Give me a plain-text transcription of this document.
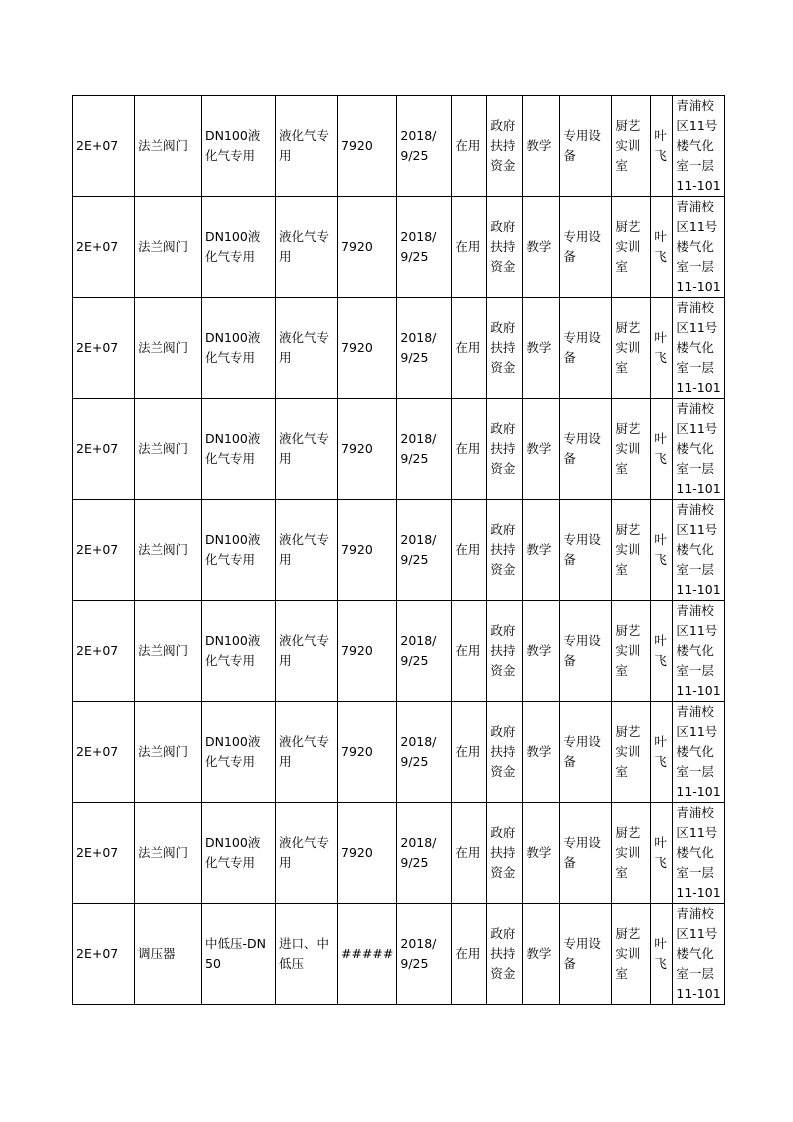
2E+07	法兰阀门	DN100液化气专用	液化气专用	7920	2018/9/25	在用	政府扶持资金	教学	专用设备	厨艺实训室	叶飞	青浦校区11号楼气化室一层11-101
2E+07	法兰阀门	DN100液化气专用	液化气专用	7920	2018/9/25	在用	政府扶持资金	教学	专用设备	厨艺实训室	叶飞	青浦校区11号楼气化室一层11-101
2E+07	法兰阀门	DN100液化气专用	液化气专用	7920	2018/9/25	在用	政府扶持资金	教学	专用设备	厨艺实训室	叶飞	青浦校区11号楼气化室一层11-101
2E+07	法兰阀门	DN100液化气专用	液化气专用	7920	2018/9/25	在用	政府扶持资金	教学	专用设备	厨艺实训室	叶飞	青浦校区11号楼气化室一层11-101
2E+07	法兰阀门	DN100液化气专用	液化气专用	7920	2018/9/25	在用	政府扶持资金	教学	专用设备	厨艺实训室	叶飞	青浦校区11号楼气化室一层11-101
2E+07	法兰阀门	DN100液化气专用	液化气专用	7920	2018/9/25	在用	政府扶持资金	教学	专用设备	厨艺实训室	叶飞	青浦校区11号楼气化室一层11-101
2E+07	法兰阀门	DN100液化气专用	液化气专用	7920	2018/9/25	在用	政府扶持资金	教学	专用设备	厨艺实训室	叶飞	青浦校区11号楼气化室一层11-101
2E+07	法兰阀门	DN100液化气专用	液化气专用	7920	2018/9/25	在用	政府扶持资金	教学	专用设备	厨艺实训室	叶飞	青浦校区11号楼气化室一层11-101
2E+07	调压器	中低压-DN50	进口、中低压	#####	2018/9/25	在用	政府扶持资金	教学	专用设备	厨艺实训室	叶飞	青浦校区11号楼气化室一层11-101
